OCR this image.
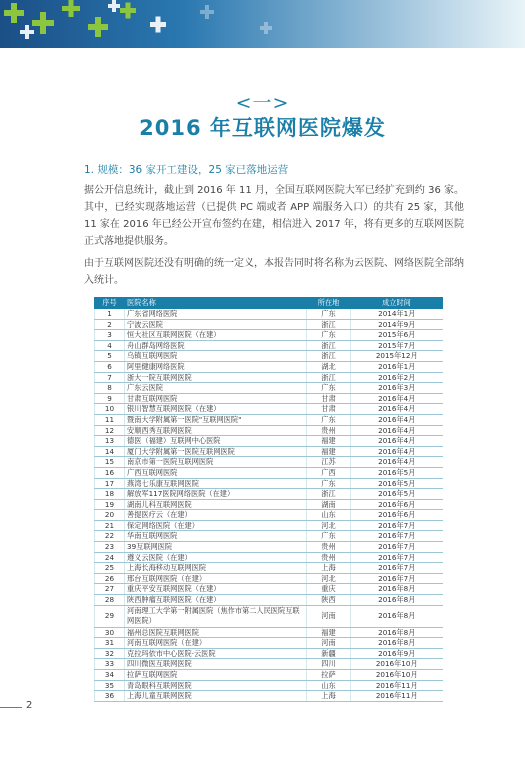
<一>
2016 年互联网医院爆发
1. 规模：36 家开工建设，25 家已落地运营

据公开信息统计，截止到 2016 年 11 月，全国互联网医院大军已经扩充到约 36 家。其中，已经实现落地运营（已提供 PC 端或者 APP 端服务入口）的共有 25 家，其他 11 家在 2016 年已经公开宣布签约在建，相信进入 2017 年，将有更多的互联网医院正式落地提供服务。

由于互联网医院还没有明确的统一定义，本报告同时将名称为云医院、网络医院全部纳入统计。

序号	医院名称	所在地	成立时间
1	广东省网络医院	广东	2014年1月
2	宁波云医院	浙江	2014年9月
3	恒大社区互联网医院（在建）	广东	2015年6月
4	舟山群岛网络医院	浙江	2015年7月
5	乌镇互联网医院	浙江	2015年12月
6	阿里健康网络医院	湖北	2016年1月
7	浙大一院互联网医院	浙江	2016年2月
8	广东云医院	广东	2016年3月
9	甘肃互联网医院	甘肃	2016年4月
10	银川智慧互联网医院（在建）	甘肃	2016年4月
11	暨南大学附属第一医院"互联网医院"	广东	2016年4月
12	安顺西秀互联网医院	贵州	2016年4月
13	德医（福建）互联网中心医院	福建	2016年4月
14	厦门大学附属第一医院互联网医院	福建	2016年4月
15	南京市第一医院互联网医院	江苏	2016年4月
16	广西互联网医院	广西	2016年5月
17	燕湾七乐康互联网医院	广东	2016年5月
18	解放军117医院网络医院（在建）	浙江	2016年5月
19	湖南儿科互联网医院	湖南	2016年6月
20	善提医疗云（在建）	山东	2016年6月
21	保定网络医院（在建）	河北	2016年7月
22	华南互联网医院	广东	2016年7月
23	39互联网医院	贵州	2016年7月
24	遵义云医院（在建）	贵州	2016年7月
25	上海长海移动互联网医院	上海	2016年7月
26	邢台互联网医院（在建）	河北	2016年7月
27	重庆平安互联网医院（在建）	重庆	2016年8月
28	陕西肿瘤互联网医院（在建）	陕西	2016年8月
29	河南理工大学第一附属医院（焦作市第二人民医院互联网医院）	河南	2016年8月
30	福州总医院互联网医院	福建	2016年8月
31	河南互联网医院（在建）	河南	2016年8月
32	克拉玛依市中心医院·云医院	新疆	2016年9月
33	四川微医互联网医院	四川	2016年10月
34	拉萨互联网医院	拉萨	2016年10月
35	青岛眼科互联网医院	山东	2016年11月
36	上海儿童互联网医院	上海	2016年11月
2
